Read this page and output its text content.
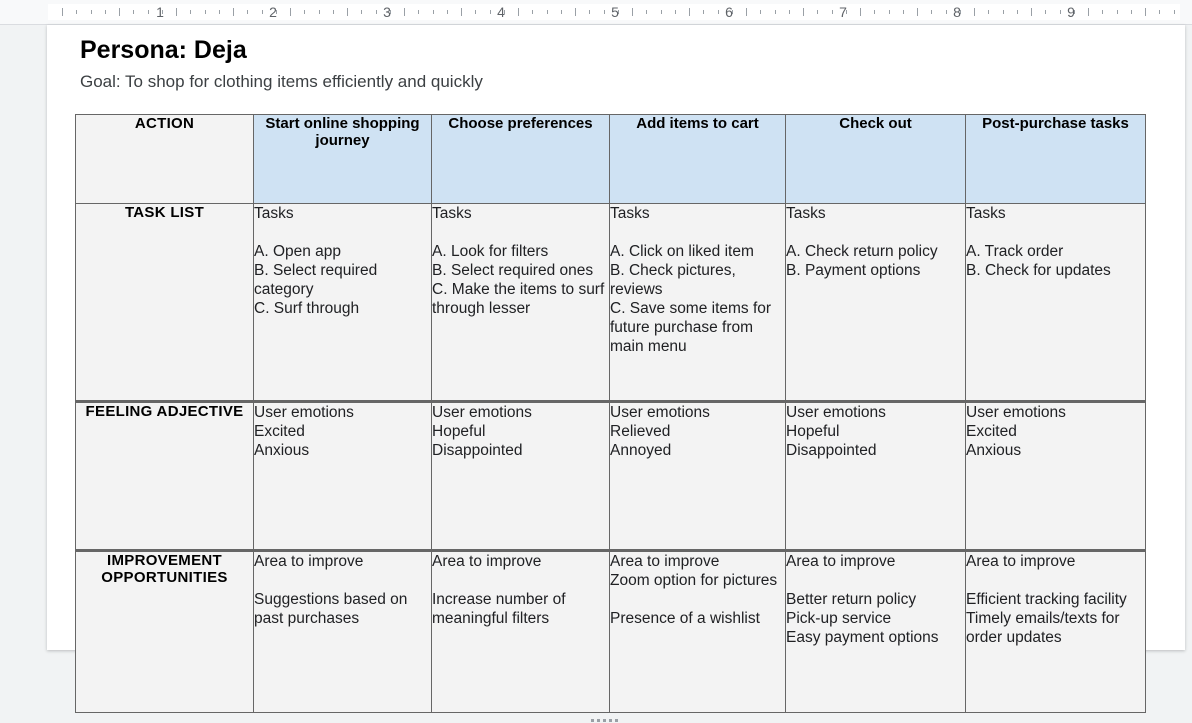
1	2	3	4	5	6	7	8	9
Persona: Deja

Goal: To shop for clothing items efficiently and quickly

ACTION	Start online shopping journey	Choose preferences	Add items to cart	Check out	Post-purchase tasks
TASK LIST	Tasks
A. Open app
B. Select required category
C. Surf through	Tasks
A. Look for filters
B. Select required ones
C. Make the items to surf through lesser	Tasks
A. Click on liked item
B. Check pictures, reviews
C. Save some items for future purchase from main menu	Tasks
A. Check return policy
B. Payment options	Tasks
A. Track order
B. Check for updates

FEELING ADJECTIVE	User emotions
Excited
Anxious	User emotions
Hopeful
Disappointed	User emotions
Relieved
Annoyed	User emotions
Hopeful
Disappointed	User emotions
Excited
Anxious

IMPROVEMENT OPPORTUNITIES	Area to improve
Suggestions based on past purchases	Area to improve
Increase number of meaningful filters	Area to improve
Zoom option for pictures
Presence of a wishlist	Area to improve
Better return policy
Pick-up service
Easy payment options	Area to improve
Efficient tracking facility
Timely emails/texts for order updates
